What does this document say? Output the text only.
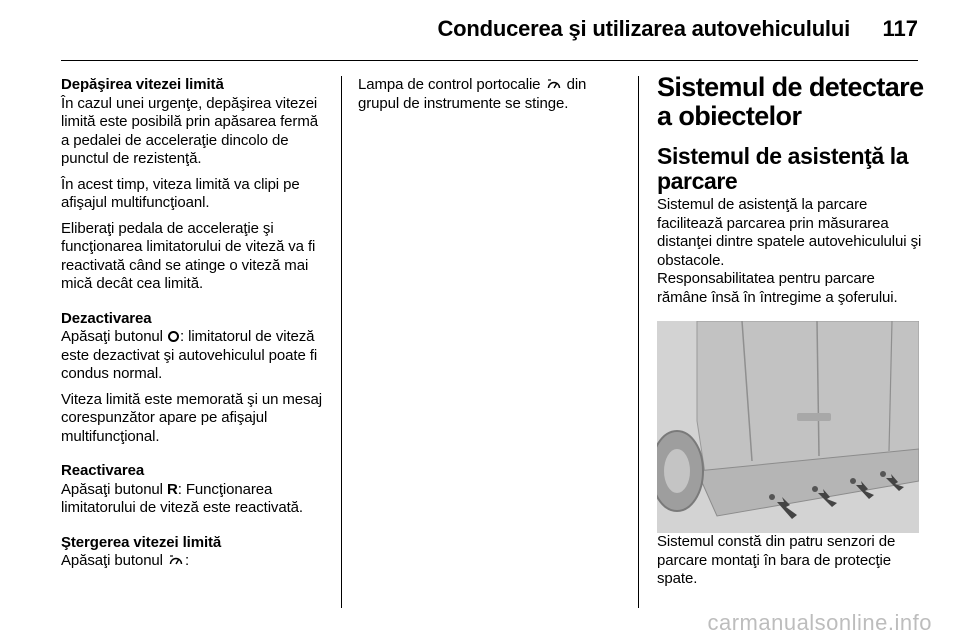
Conducerea şi utilizarea autovehiculului 117
Depăşirea vitezei limită

În cazul unei urgenţe, depăşirea vitezei limită este posibilă prin apăsarea fermă a pedalei de acceleraţie dincolo de punctul de rezistenţă.

În acest timp, viteza limită va clipi pe afişajul multifuncţioanl.

Eliberaţi pedala de acceleraţie şi funcţionarea limitatorului de viteză va fi reactivată când se atinge o viteză mai mică decât cea limită.

Dezactivarea

Apăsaţi butonul : limitatorul de viteză este dezactivat şi autovehiculul poate fi condus normal.

Viteza limită este memorată şi un mesaj corespunzător apare pe afişajul multifuncţional.

Reactivarea

Apăsaţi butonul R: Funcţionarea limitatorului de viteză este reactivată.

Ştergerea vitezei limită

Apăsaţi butonul :

Lampa de control portocalie din grupul de instrumente se stinge.

Sistemul de detectare a obiectelor
Sistemul de asistenţă la parcare

Sistemul de asistenţă la parcare facilitează parcarea prin măsurarea distanţei dintre spatele autovehiculului şi obstacole.

Responsabilitatea pentru parcare rămâne însă în întregime a şoferului.

Sistemul constă din patru senzori de parcare montaţi în bara de protecţie spate.

carmanualsonline.info
